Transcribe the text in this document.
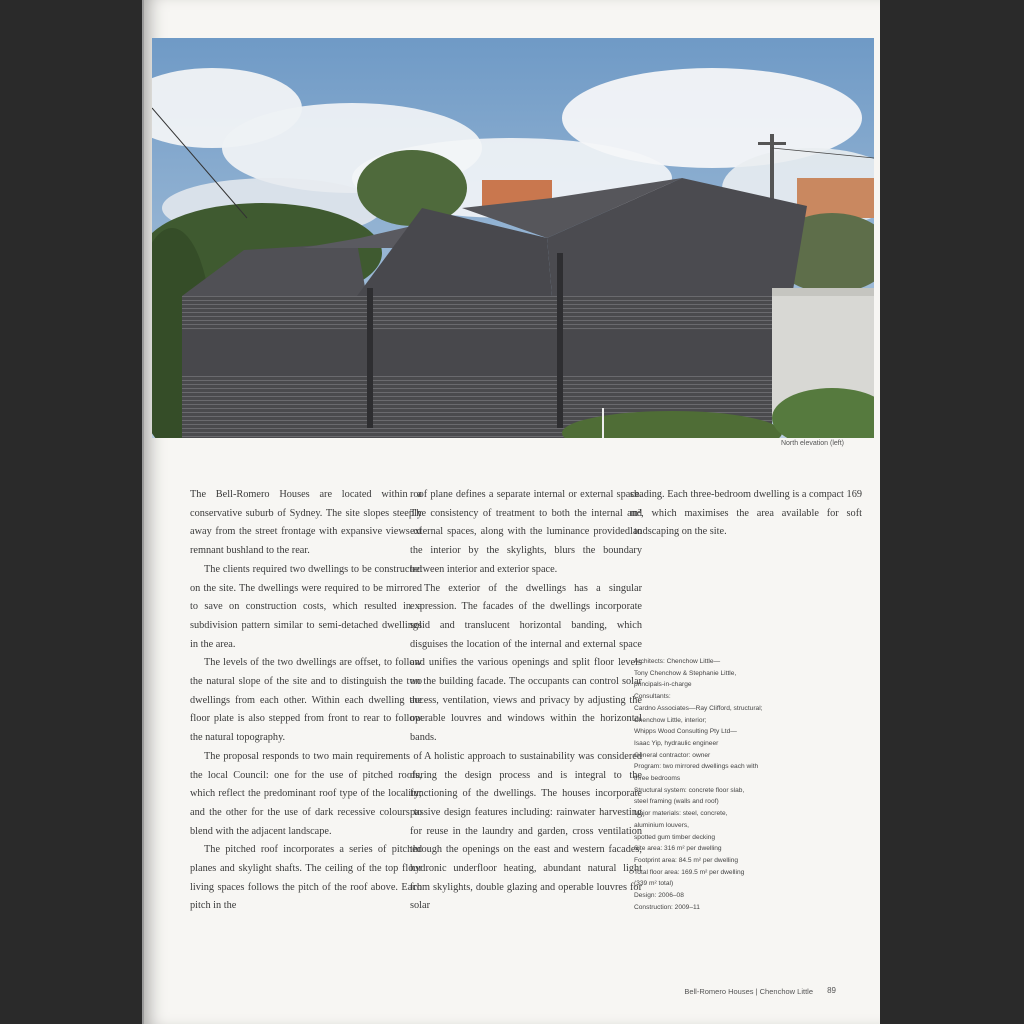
North elevation (left)

The Bell-Romero Houses are located within a conservative suburb of Sydney. The site slopes steeply away from the street frontage with expansive views of remnant bushland to the rear.

The clients required two dwellings to be constructed on the site. The dwellings were required to be mirrored to save on construction costs, which resulted in a subdivision pattern similar to semi-detached dwellings in the area.

The levels of the two dwellings are offset, to follow the natural slope of the site and to distinguish the two dwellings from each other. Within each dwelling the floor plate is also stepped from front to rear to follow the natural topography.

The proposal responds to two main requirements of the local Council: one for the use of pitched roofs, which reflect the predominant roof type of the locality; and the other for the use of dark recessive colours to blend with the adjacent landscape.

The pitched roof incorporates a series of pitched planes and skylight shafts. The ceiling of the top floor living spaces follows the pitch of the roof above. Each pitch in the

roof plane defines a separate internal or external space. The consistency of treatment to both the internal and external spaces, along with the luminance provided to the interior by the skylights, blurs the boundary between interior and exterior space.

The exterior of the dwellings has a singular expression. The facades of the dwellings incorporate solid and translucent horizontal banding, which disguises the location of the internal and external space and unifies the various openings and split floor levels on the building facade. The occupants can control solar access, ventilation, views and privacy by adjusting the operable louvres and windows within the horizontal bands.

A holistic approach to sustainability was considered during the design process and is integral to the functioning of the dwellings. The houses incorporate passive design features including: rainwater harvesting for reuse in the laundry and garden, cross ventilation through the openings on the east and western facades, hydronic underfloor heating, abundant natural light from skylights, double glazing and operable louvres for solar

shading. Each three-bedroom dwelling is a compact 169 m², which maximises the area available for soft landscaping on the site.

Architects: Chenchow Little—
Tony Chenchow & Stephanie Little,
principals-in-charge
Consultants:
Cardno Associates—Ray Clifford, structural;
Chenchow Little, interior;
Whipps Wood Consulting Pty Ltd—
Isaac Yip, hydraulic engineer
General contractor: owner
Program: two mirrored dwellings each with
three bedrooms
Structural system: concrete floor slab,
steel framing (walls and roof)
Major materials: steel, concrete,
aluminium louvers,
spotted gum timber decking
Site area: 316 m² per dwelling
Footprint area: 84.5 m² per dwelling
Total floor area: 169.5 m² per dwelling
(339 m² total)
Design: 2006–08
Construction: 2009–11
Bell-Romero Houses | Chenchow Little 89
